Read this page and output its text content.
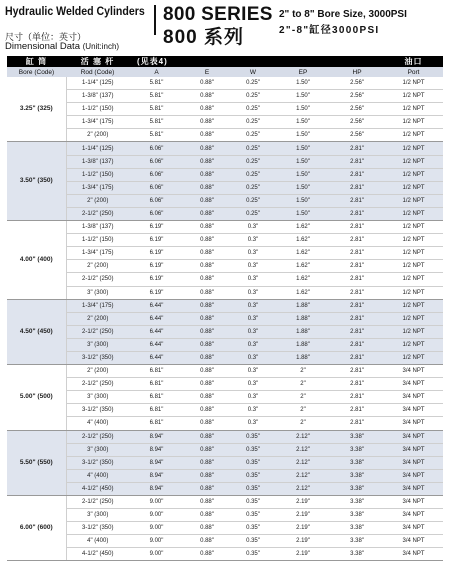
Hydraulic Welded Cylinders 800 SERIES
800 系列
2" to 8" Bore Size, 3000PSI
2"-8"缸径3000PSI
尺寸（单位：英寸）
Dimensional Data (Unit:inch)
缸 筒	活 塞 杆	(见表4)					油口
Bore (Code)	Rod (Code)	A	E	W	EP	HP	Port
3.25" (325)	1-1/4" (125)	5.81"	0.88"	0.25"	1.50"	2.56"	1/2 NPT
	1-3/8" (137)	5.81"	0.88"	0.25"	1.50"	2.56"	1/2 NPT
	1-1/2" (150)	5.81"	0.88"	0.25"	1.50"	2.56"	1/2 NPT
	1-3/4" (175)	5.81"	0.88"	0.25"	1.50"	2.56"	1/2 NPT
	2" (200)	5.81"	0.88"	0.25"	1.50"	2.56"	1/2 NPT
3.50" (350)	1-1/4" (125)	6.06"	0.88"	0.25"	1.50"	2.81"	1/2 NPT
	1-3/8" (137)	6.06"	0.88"	0.25"	1.50"	2.81"	1/2 NPT
	1-1/2" (150)	6.06"	0.88"	0.25"	1.50"	2.81"	1/2 NPT
	1-3/4" (175)	6.06"	0.88"	0.25"	1.50"	2.81"	1/2 NPT
	2" (200)	6.06"	0.88"	0.25"	1.50"	2.81"	1/2 NPT
	2-1/2" (250)	6.06"	0.88"	0.25"	1.50"	2.81"	1/2 NPT
4.00" (400)	1-3/8" (137)	6.19"	0.88"	0.3"	1.62"	2.81"	1/2 NPT
	1-1/2" (150)	6.19"	0.88"	0.3"	1.62"	2.81"	1/2 NPT
	1-3/4" (175)	6.19"	0.88"	0.3"	1.62"	2.81"	1/2 NPT
	2" (200)	6.19"	0.88"	0.3"	1.62"	2.81"	1/2 NPT
	2-1/2" (250)	6.19"	0.88"	0.3"	1.62"	2.81"	1/2 NPT
	3" (300)	6.19"	0.88"	0.3"	1.62"	2.81"	1/2 NPT
4.50" (450)	1-3/4" (175)	6.44"	0.88"	0.3"	1.88"	2.81"	1/2 NPT
	2" (200)	6.44"	0.88"	0.3"	1.88"	2.81"	1/2 NPT
	2-1/2" (250)	6.44"	0.88"	0.3"	1.88"	2.81"	1/2 NPT
	3" (300)	6.44"	0.88"	0.3"	1.88"	2.81"	1/2 NPT
	3-1/2" (350)	6.44"	0.88"	0.3"	1.88"	2.81"	1/2 NPT
5.00" (500)	2" (200)	6.81"	0.88"	0.3"	2"	2.81"	3/4 NPT
	2-1/2" (250)	6.81"	0.88"	0.3"	2"	2.81"	3/4 NPT
	3" (300)	6.81"	0.88"	0.3"	2"	2.81"	3/4 NPT
	3-1/2" (350)	6.81"	0.88"	0.3"	2"	2.81"	3/4 NPT
	4" (400)	6.81"	0.88"	0.3"	2"	2.81"	3/4 NPT
5.50" (550)	2-1/2" (250)	8.94"	0.88"	0.35"	2.12"	3.38"	3/4 NPT
	3" (300)	8.94"	0.88"	0.35"	2.12"	3.38"	3/4 NPT
	3-1/2" (350)	8.94"	0.88"	0.35"	2.12"	3.38"	3/4 NPT
	4" (400)	8.94"	0.88"	0.35"	2.12"	3.38"	3/4 NPT
	4-1/2" (450)	8.94"	0.88"	0.35"	2.12"	3.38"	3/4 NPT
6.00" (600)	2-1/2" (250)	9.00"	0.88"	0.35"	2.19"	3.38"	3/4 NPT
	3" (300)	9.00"	0.88"	0.35"	2.19"	3.38"	3/4 NPT
	3-1/2" (350)	9.00"	0.88"	0.35"	2.19"	3.38"	3/4 NPT
	4" (400)	9.00"	0.88"	0.35"	2.19"	3.38"	3/4 NPT
	4-1/2" (450)	9.00"	0.88"	0.35"	2.19"	3.38"	3/4 NPT
